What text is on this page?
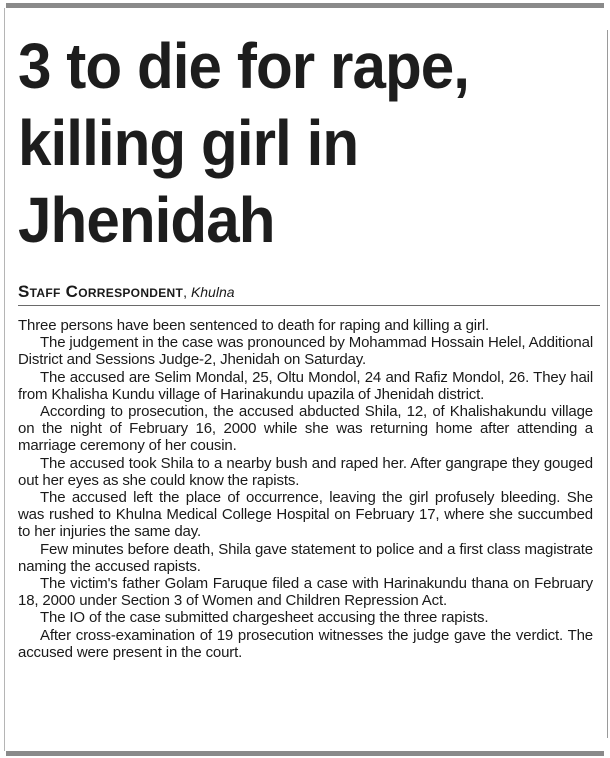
3 to die for rape,
killing girl in
Jhenidah
Staff Correspondent, Khulna

Three persons have been sentenced to death for raping and killing a girl.

The judgement in the case was pronounced by Mohammad Hossain Helel, Additional District and Sessions Judge-2, Jhenidah on Saturday.

The accused are Selim Mondal, 25, Oltu Mondol, 24 and Rafiz Mondol, 26. They hail from Khalisha Kundu village of Harinakundu upazila of Jhenidah district.

According to prosecution, the accused abducted Shila, 12, of Khalishakundu village on the night of February 16, 2000 while she was returning home after attending a marriage ceremony of her cousin.

The accused took Shila to a nearby bush and raped her. After gangrape they gouged out her eyes as she could know the rapists.

The accused left the place of occurrence, leaving the girl profusely bleeding. She was rushed to Khulna Medical College Hospital on February 17, where she succumbed to her injuries the same day.

Few minutes before death, Shila gave statement to police and a first class magistrate naming the accused rapists.

The victim's father Golam Faruque filed a case with Harinakundu thana on February 18, 2000 under Section 3 of Women and Children Repression Act.

The IO of the case submitted chargesheet accusing the three rapists.

After cross-examination of 19 prosecution witnesses the judge gave the verdict. The accused were present in the court.
